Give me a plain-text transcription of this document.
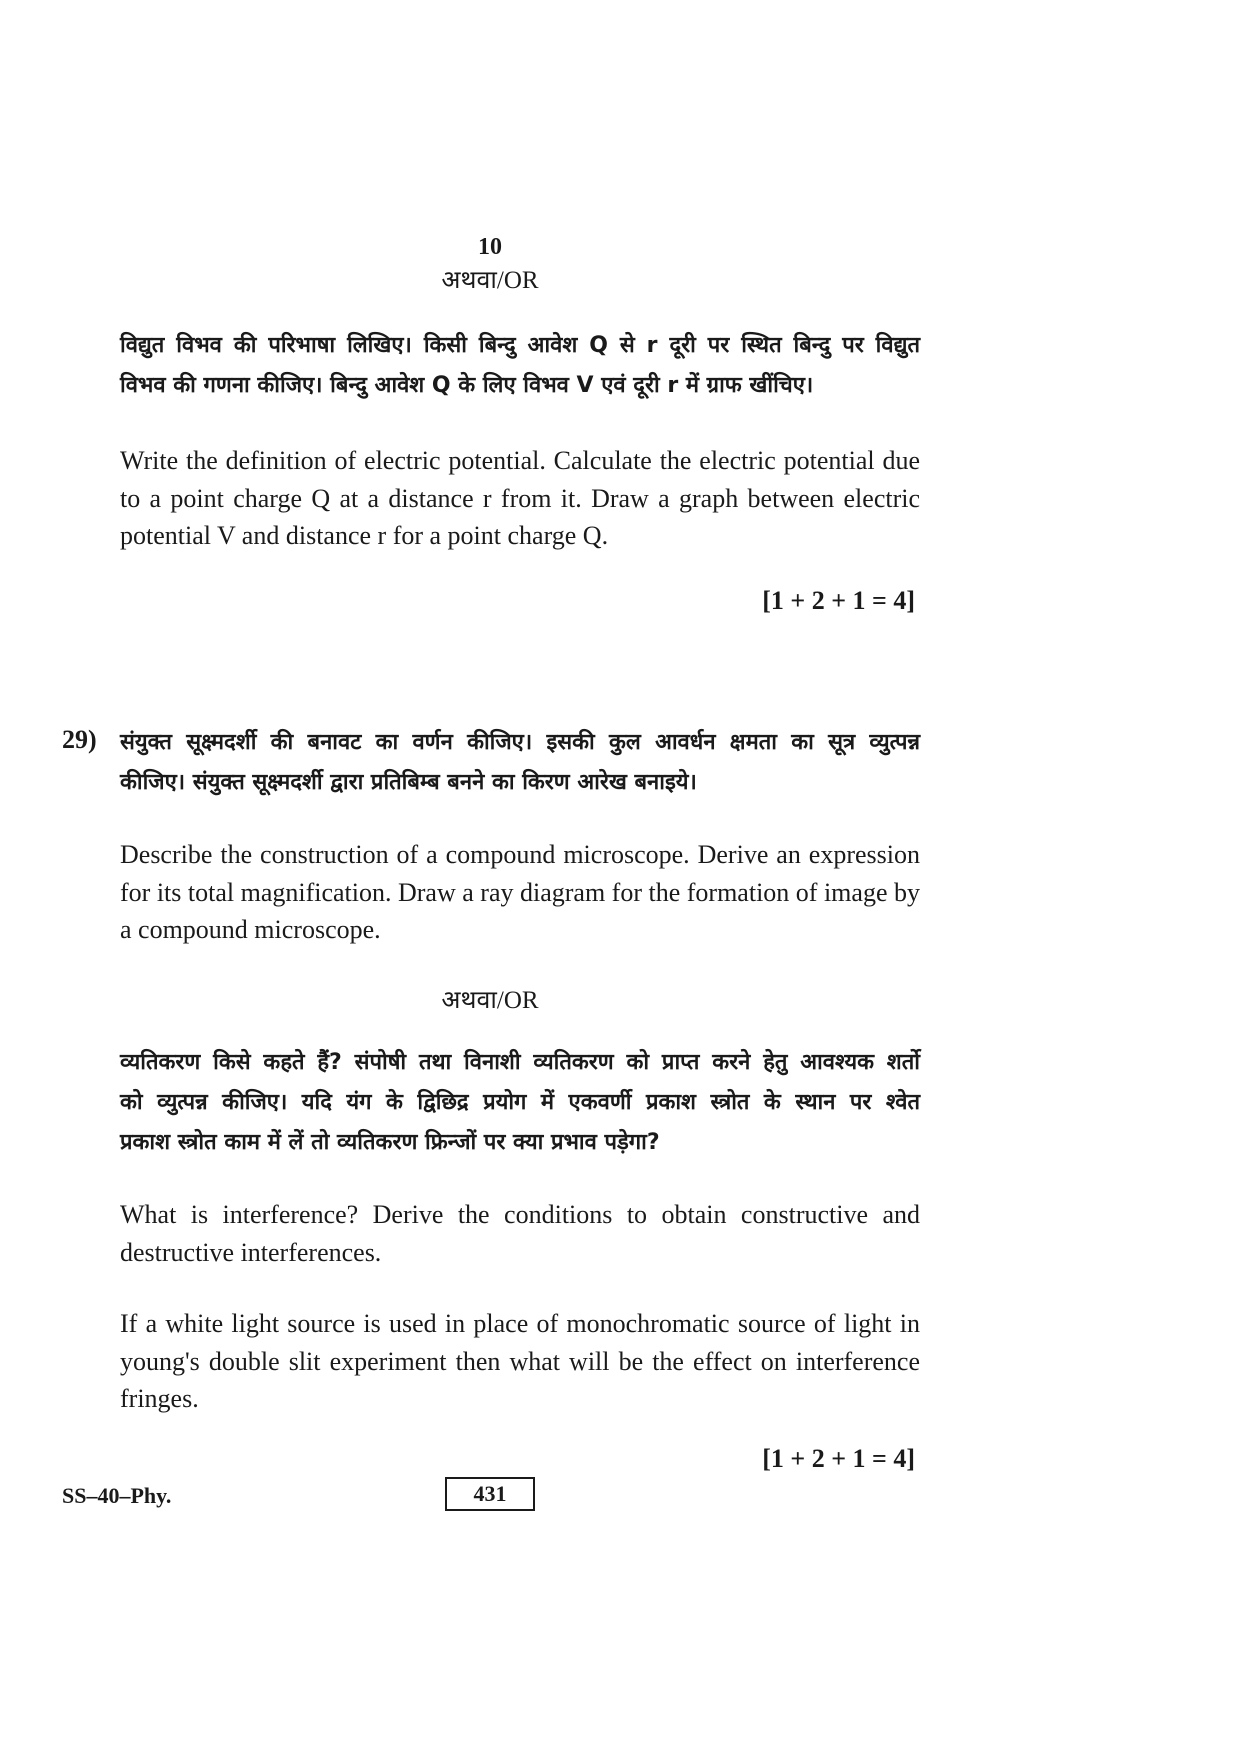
10
अथवा/OR
विद्युत विभव की परिभाषा लिखिए। किसी बिन्दु आवेश Q से r दूरी पर स्थित बिन्दु पर विद्युत
विभव की गणना कीजिए। बिन्दु आवेश Q के लिए विभव V एवं दूरी r में ग्राफ खींचिए।
Write the definition of electric potential. Calculate the electric potential due to a point charge Q at a distance r from it. Draw a graph between electric potential V and distance r for a point charge Q.
[1 + 2 + 1 = 4]
29) संयुक्त सूक्ष्मदर्शी की बनावट का वर्णन कीजिए। इसकी कुल आवर्धन क्षमता का सूत्र व्युत्पन्न
कीजिए। संयुक्त सूक्ष्मदर्शी द्वारा प्रतिबिम्ब बनने का किरण आरेख बनाइये।
Describe the construction of a compound microscope. Derive an expression for its total magnification. Draw a ray diagram for the formation of image by a compound microscope.
अथवा/OR
व्यतिकरण किसे कहते हैं? संपोषी तथा विनाशी व्यतिकरण को प्राप्त करने हेतु आवश्यक शर्तो
को व्युत्पन्न कीजिए। यदि यंग के द्विछिद्र प्रयोग में एकवर्णी प्रकाश स्त्रोत के स्थान पर श्वेत
प्रकाश स्त्रोत काम में लें तो व्यतिकरण फ्रिन्जों पर क्या प्रभाव पड़ेगा?
What is interference? Derive the conditions to obtain constructive and destructive interferences.
If a white light source is used in place of monochromatic source of light in young's double slit experiment then what will be the effect on interference fringes.
[1 + 2 + 1 = 4]
SS–40–Phy.	431
